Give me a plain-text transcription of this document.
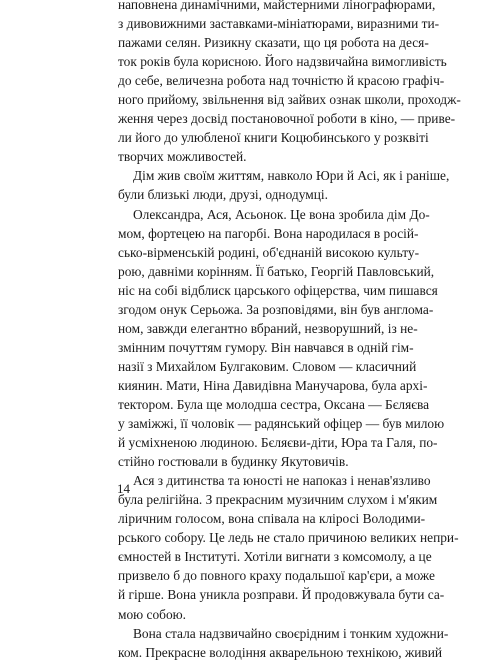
наповнена динамічними, майстерними лінографюрами,
з дивовижними заставками-мініатюрами, виразними ти-
пажами селян. Ризикну сказати, що ця робота на деся-
ток років була корисною. Його надзвичайна вимогливість
до себе, величезна робота над точністю й красою графіч-
ного прийому, звільнення від зайвих ознак школи, проходж-
ження через досвід постановочної роботи в кіно, — приве-
ли його до улюбленої книги Коцюбинського у розквіті
творчих можливостей.
Дім жив своїм життям, навколо Юри й Асі, як і раніше,
були близькі люди, друзі, однодумці.
Олександра, Ася, Асьонок. Це вона зробила дім Дo-
мом, фортецею на пагорбі. Вона народилася в росій-
сько-вірменській родині, об'єднаній високою культу-
рою, давніми корінням. Її батько, Георгій Павловський,
ніс на собі відблиск царського офіцерства, чим пишався
згодом онук Серьожа. За розповідями, він був англома-
ном, завжди елегантно вбраний, незворушний, із не-
змінним почуттям гумору. Він навчався в одній гім-
назії з Михайлом Булгаковим. Словом — класичний
киянин. Мати, Ніна Давидівна Манучарова, була архі-
тектором. Була ще молодша сестра, Оксана — Бєляєва
у заміжжі, її чоловік — радянський офіцер — був милою
й усміхненою людиною. Бєляєви-діти, Юра та Галя, по-
стійно гостювали в будинку Якутовичів.
Ася з дитинства та юності не напоказ і ненав'язливо
була релігійна. З прекрасним музичним слухом і м'яким
ліричним голосом, вона співала на кліросі Володими-
рського собору. Це ледь не стало причиною великих непри-
ємностей в Інституті. Хотіли вигнати з комсомолу, а це
призвело б до повного краху подальшої кар'єри, а може
й гірше. Вона уникла розправи. Й продовжувала бути са-
мою собою.
Вона стала надзвичайно своєрідним і тонким художни-
ком. Прекрасне володіння акварельною технікою, живий
14
